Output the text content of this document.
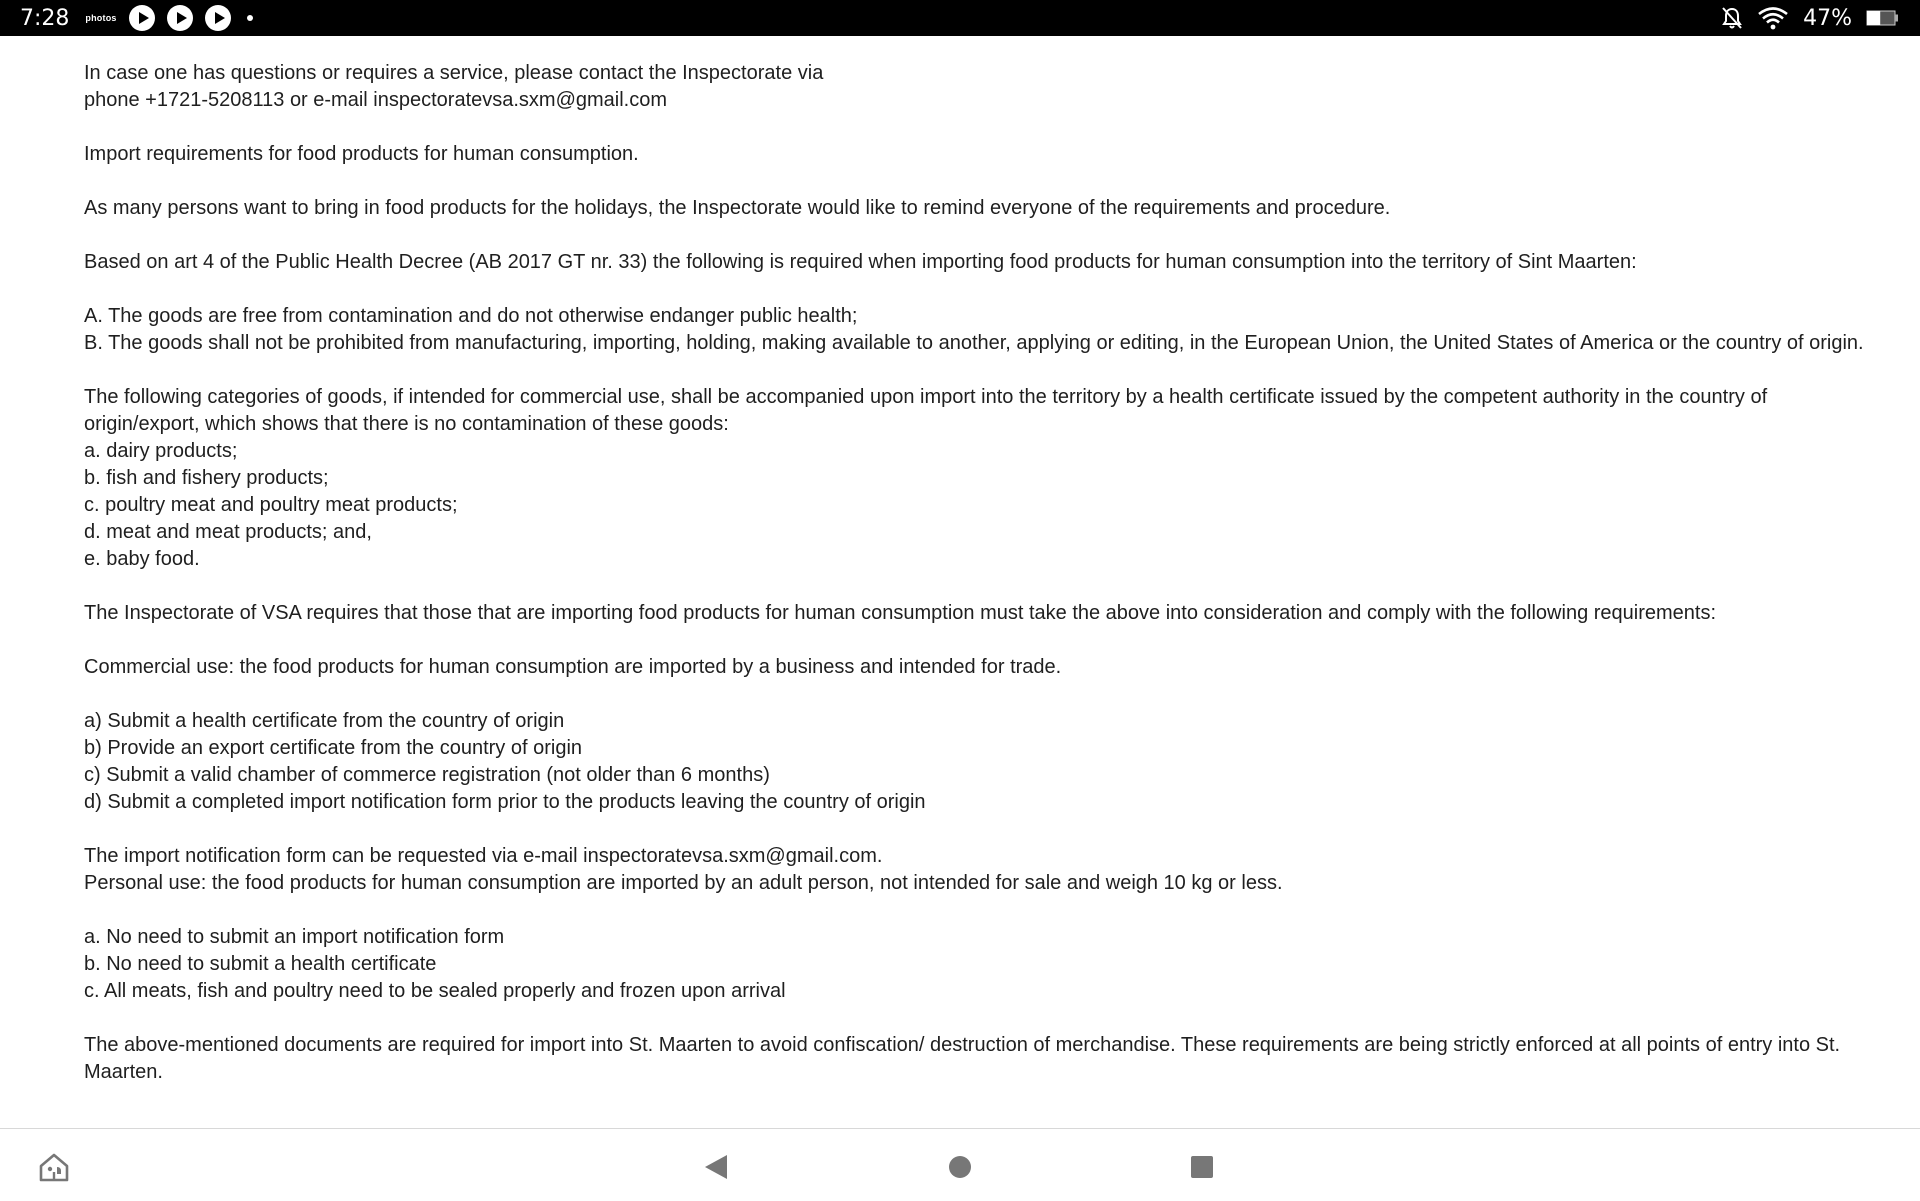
7:28 photos	47%

In case one has questions or requires a service, please contact the Inspectorate via
phone +1721-5208113 or e-mail inspectoratevsa.sxm@gmail.com

Import requirements for food products for human consumption.

As many persons want to bring in food products for the holidays, the Inspectorate would like to remind everyone of the requirements and procedure.

Based on art 4 of the Public Health Decree (AB 2017 GT nr. 33) the following is required when importing food products for human consumption into the territory of Sint Maarten:

A. The goods are free from contamination and do not otherwise endanger public health;
B. The goods shall not be prohibited from manufacturing, importing, holding, making available to another, applying or editing, in the European Union, the United States of America or the country of origin.

The following categories of goods, if intended for commercial use, shall be accompanied upon import into the territory by a health certificate issued by the competent authority in the country of origin/export, which shows that there is no contamination of these goods:
a. dairy products;
b. fish and fishery products;
c. poultry meat and poultry meat products;
d. meat and meat products; and,
e. baby food.

The Inspectorate of VSA requires that those that are importing food products for human consumption must take the above into consideration and comply with the following requirements:

Commercial use: the food products for human consumption are imported by a business and intended for trade.

a) Submit a health certificate from the country of origin
b) Provide an export certificate from the country of origin
c) Submit a valid chamber of commerce registration (not older than 6 months)
d) Submit a completed import notification form prior to the products leaving the country of origin

The import notification form can be requested via e-mail inspectoratevsa.sxm@gmail.com.
Personal use: the food products for human consumption are imported by an adult person, not intended for sale and weigh 10 kg or less.

a. No need to submit an import notification form
b. No need to submit a health certificate
c. All meats, fish and poultry need to be sealed properly and frozen upon arrival

The above-mentioned documents are required for import into St. Maarten to avoid confiscation/ destruction of merchandise. These requirements are being strictly enforced at all points of entry into St. Maarten.
